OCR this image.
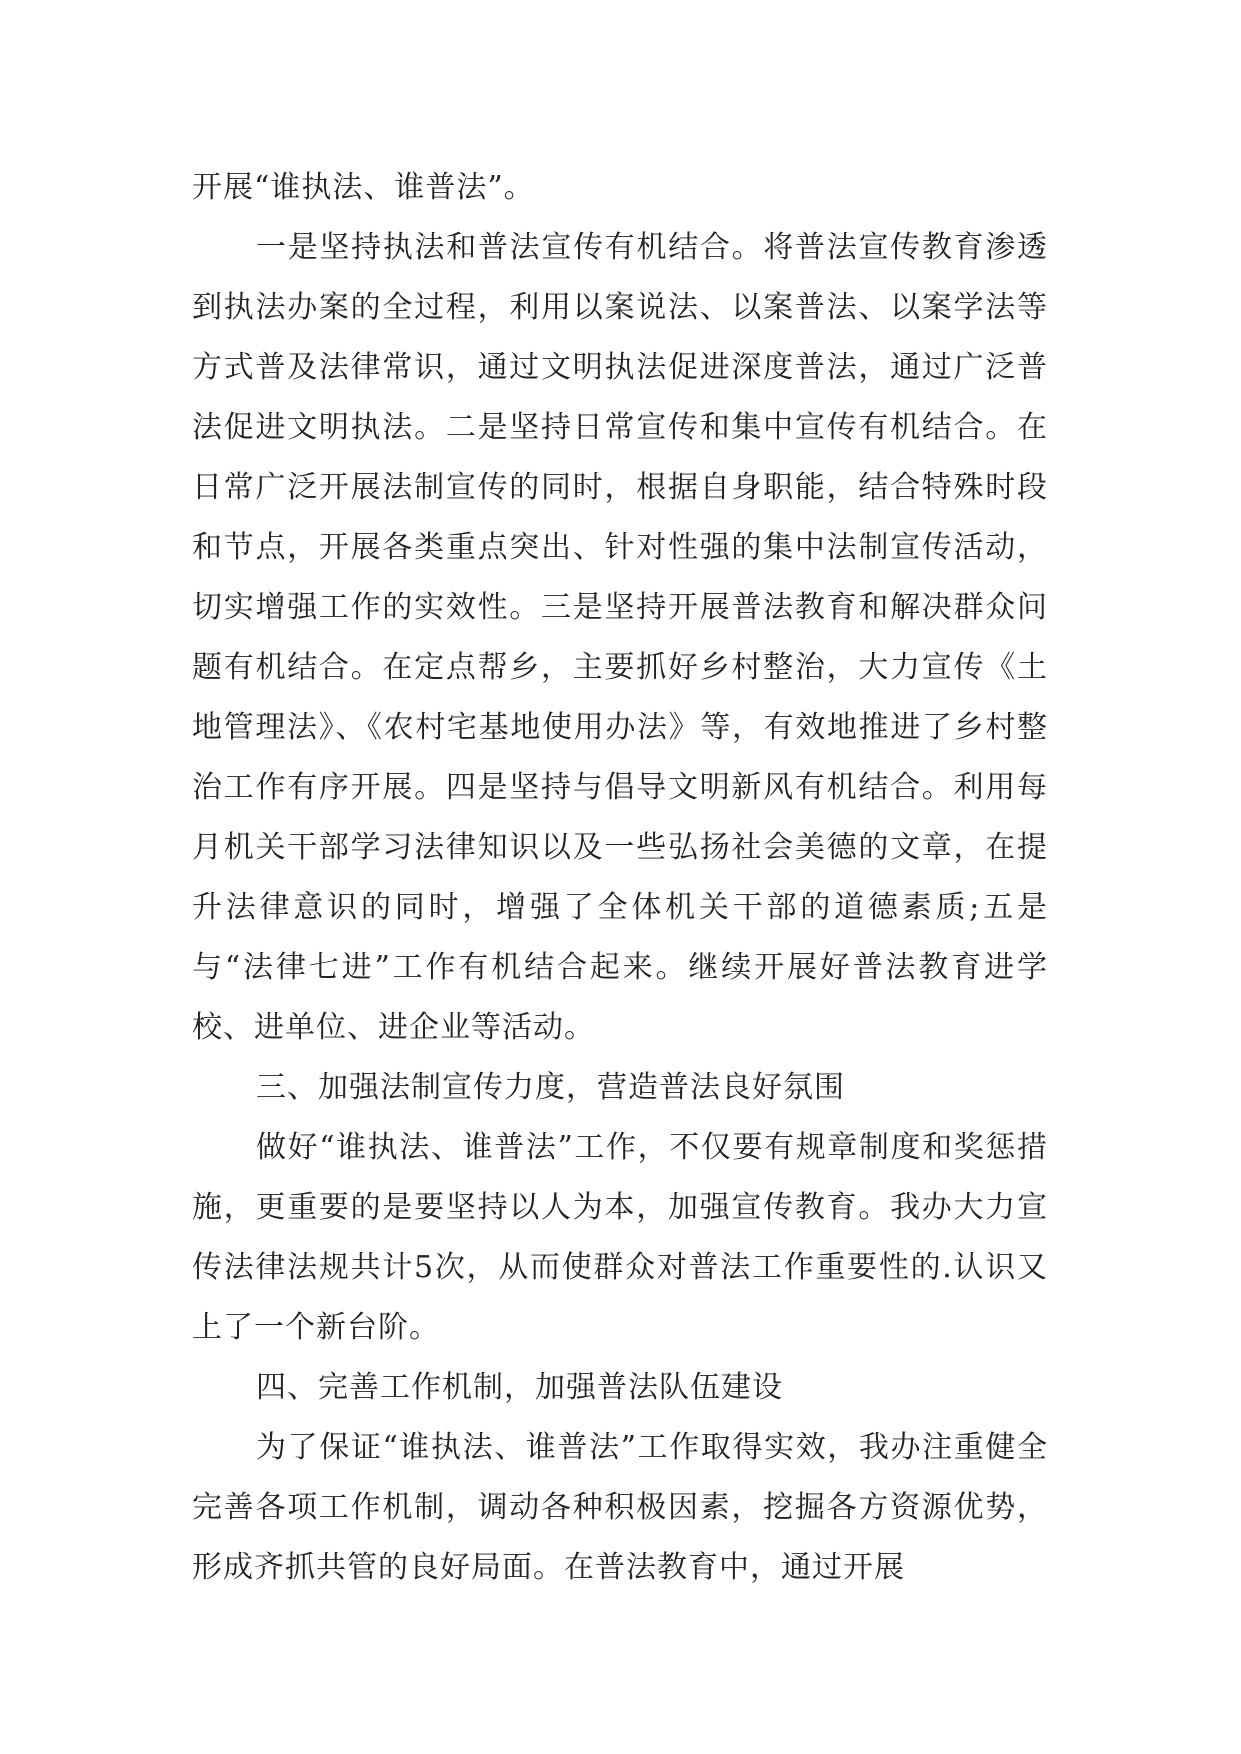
开展“谁执法、谁普法”。

一是坚持执法和普法宣传有机结合。将普法宣传教育渗透到执法办案的全过程，利用以案说法、以案普法、以案学法等方式普及法律常识，通过文明执法促进深度普法，通过广泛普法促进文明执法。二是坚持日常宣传和集中宣传有机结合。在日常广泛开展法制宣传的同时，根据自身职能，结合特殊时段和节点，开展各类重点突出、针对性强的集中法制宣传活动，切实增强工作的实效性。三是坚持开展普法教育和解决群众问题有机结合。在定点帮乡，主要抓好乡村整治，大力宣传《土地管理法》、《农村宅基地使用办法》等，有效地推进了乡村整治工作有序开展。四是坚持与倡导文明新风有机结合。利用每月机关干部学习法律知识以及一些弘扬社会美德的文章，在提升法律意识的同时，增强了全体机关干部的道德素质;五是与“法律七进”工作有机结合起来。继续开展好普法教育进学校、进单位、进企业等活动。

三、加强法制宣传力度，营造普法良好氛围

做好“谁执法、谁普法”工作，不仅要有规章制度和奖惩措施，更重要的是要坚持以人为本，加强宣传教育。我办大力宣传法律法规共计5次，从而使群众对普法工作重要性的.认识又上了一个新台阶。

四、完善工作机制，加强普法队伍建设

为了保证“谁执法、谁普法”工作取得实效，我办注重健全完善各项工作机制，调动各种积极因素，挖掘各方资源优势，形成齐抓共管的良好局面。在普法教育中，通过开展
